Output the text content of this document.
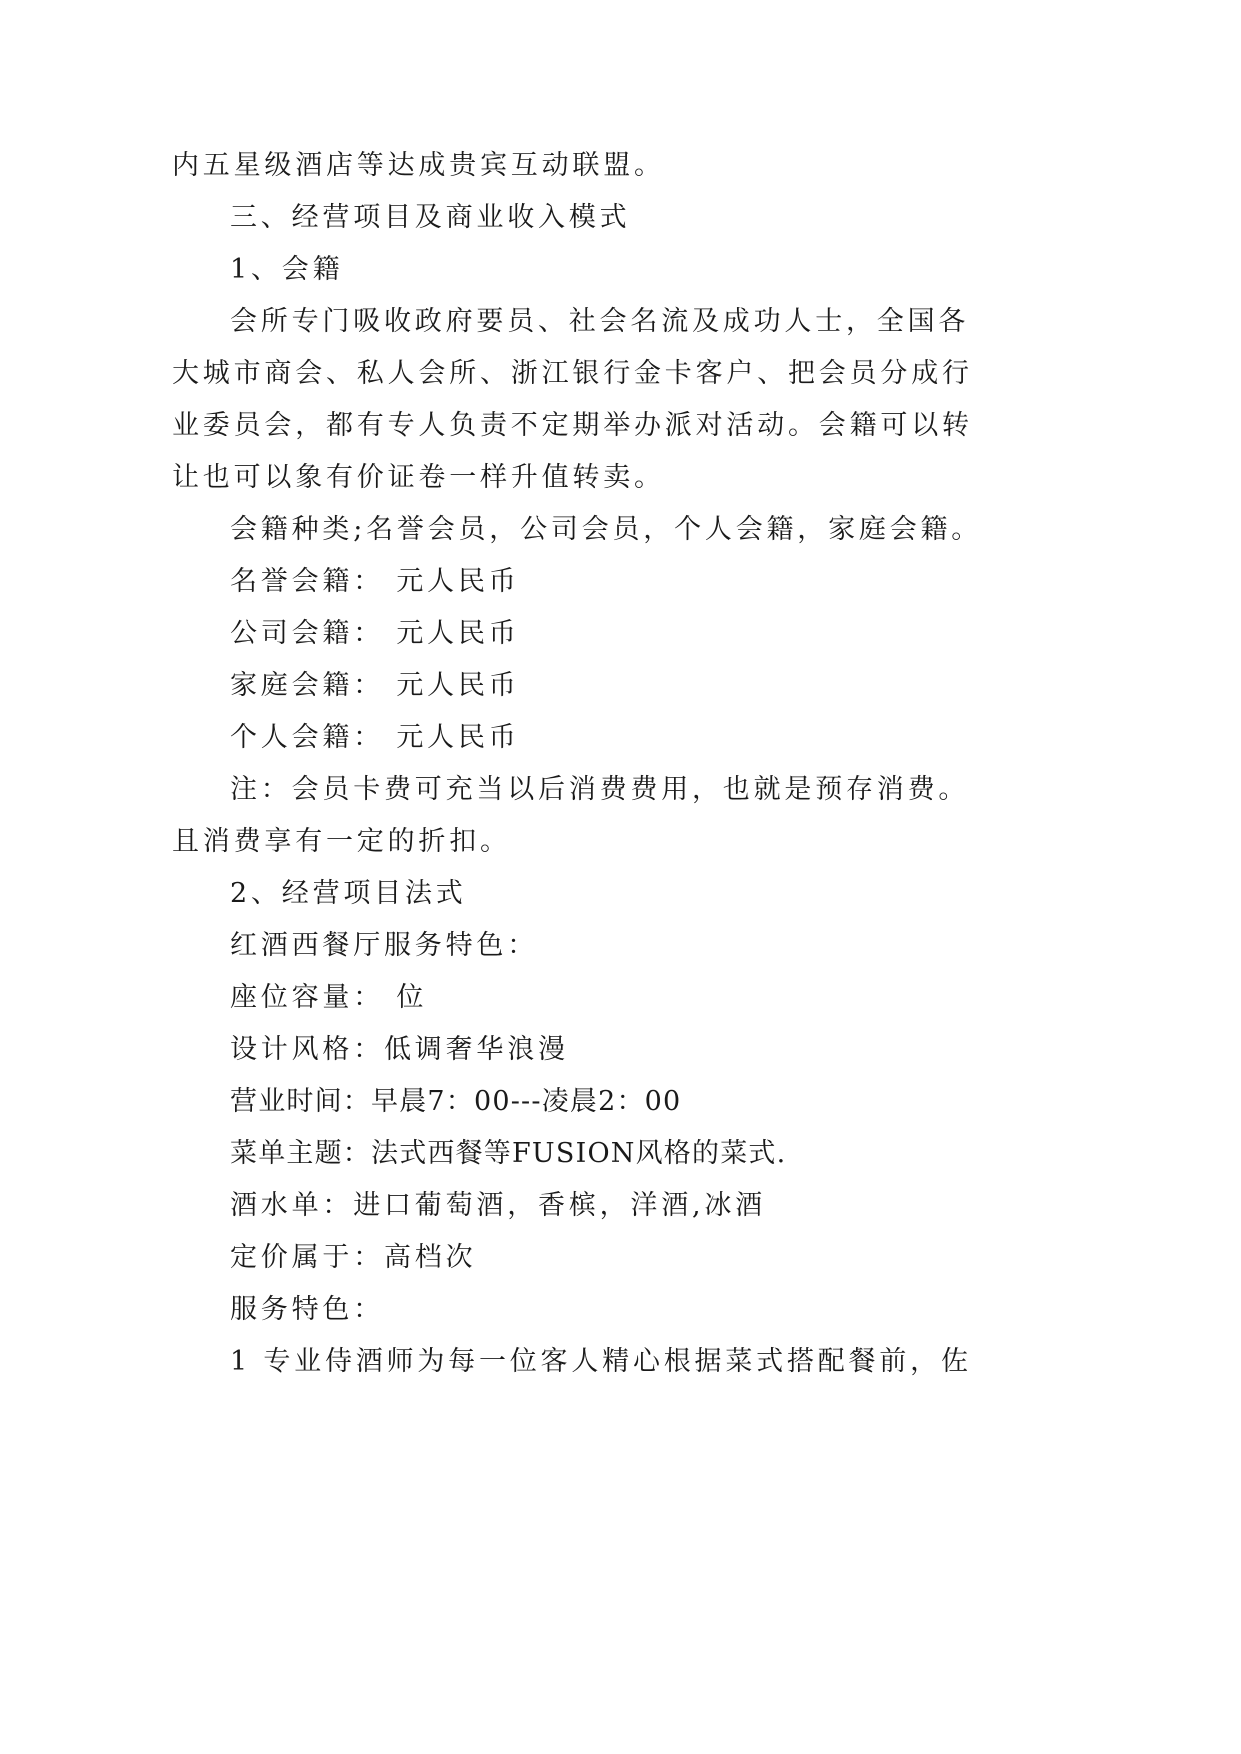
内五星级酒店等达成贵宾互动联盟。
三、经营项目及商业收入模式
1、会籍
会所专门吸收政府要员、社会名流及成功人士，全国各
大城市商会、私人会所、浙江银行金卡客户、把会员分成行
业委员会，都有专人负责不定期举办派对活动。会籍可以转
让也可以象有价证卷一样升值转卖。
会籍种类;名誉会员，公司会员，个人会籍，家庭会籍。
名誉会籍： 元人民币
公司会籍： 元人民币
家庭会籍： 元人民币
个人会籍： 元人民币
注：会员卡费可充当以后消费费用，也就是预存消费。
且消费享有一定的折扣。
2、经营项目法式
红酒西餐厅服务特色：
座位容量： 位
设计风格：低调奢华浪漫
营业时间：早晨7：00---凌晨2：00
菜单主题：法式西餐等FUSION风格的菜式.
酒水单：进口葡萄酒，香槟，洋酒,冰酒
定价属于：高档次
服务特色：
1 专业侍酒师为每一位客人精心根据菜式搭配餐前，佐
